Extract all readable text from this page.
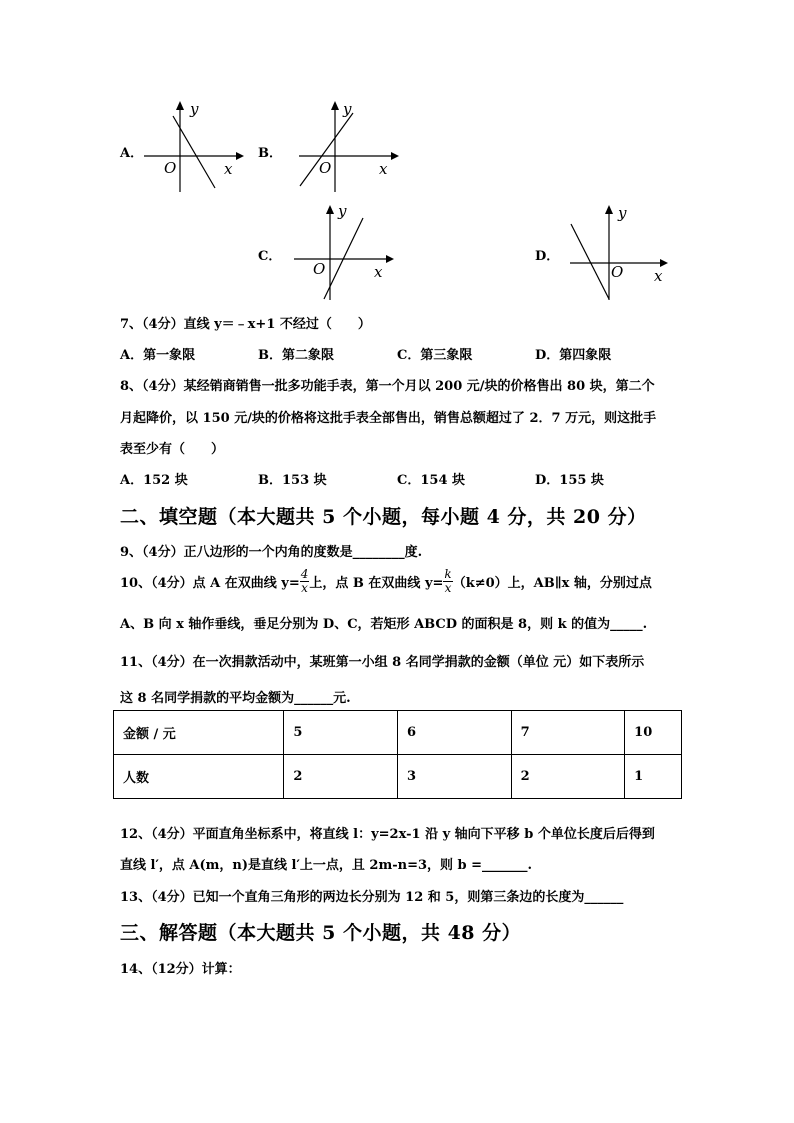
A．
y
x
O
B．
y
x
O
C．
y
x
O
D．
y
x
O
7、（4分）直线 y＝﹣x+1 不经过（　　）
A．第一象限	B．第二象限	C．第三象限	D．第四象限
8、（4分）某经销商销售一批多功能手表，第一个月以 200 元/块的价格售出 80 块，第二个
月起降价，以 150 元/块的价格将这批手表全部售出，销售总额超过了 2．7 万元，则这批手
表至少有（　　）
A．152 块	B．153 块	C．154 块	D．155 块
二、填空题（本大题共 5 个小题，每小题 4 分，共 20 分）
9、（4分）正八边形的一个内角的度数是________度.
10、（4分）点 A 在双曲线 $y= \frac{4}{x}$ 上，点 B 在双曲线 $y= \frac{k}{x} (k\ne 0)$上，AB∥x 轴，分别过点
A、B 向 x 轴作垂线，垂足分别为 D、C，若矩形 ABCD 的面积是 8，则 k 的值为_____.
11、（4分）在一次捐款活动中，某班第一小组 8 名同学捐款的金额（单位 元）如下表所示
这 8 名同学捐款的平均金额为______元.
金额 / 元	5	6	7	10
人数	2	3	2	1
12、（4分）平面直角坐标系中，将直线 l：y=2x-1 沿 y 轴向下平移 b 个单位长度后后得到
直线 l′，点 A(m，n)是直线 l′上一点，且 2m-n=3，则 b =_______.
13、（4分）已知一个直角三角形的两边长分别为 12 和 5，则第三条边的长度为______
三、解答题（本大题共 5 个小题，共 48 分）
14、（12分）计算：
